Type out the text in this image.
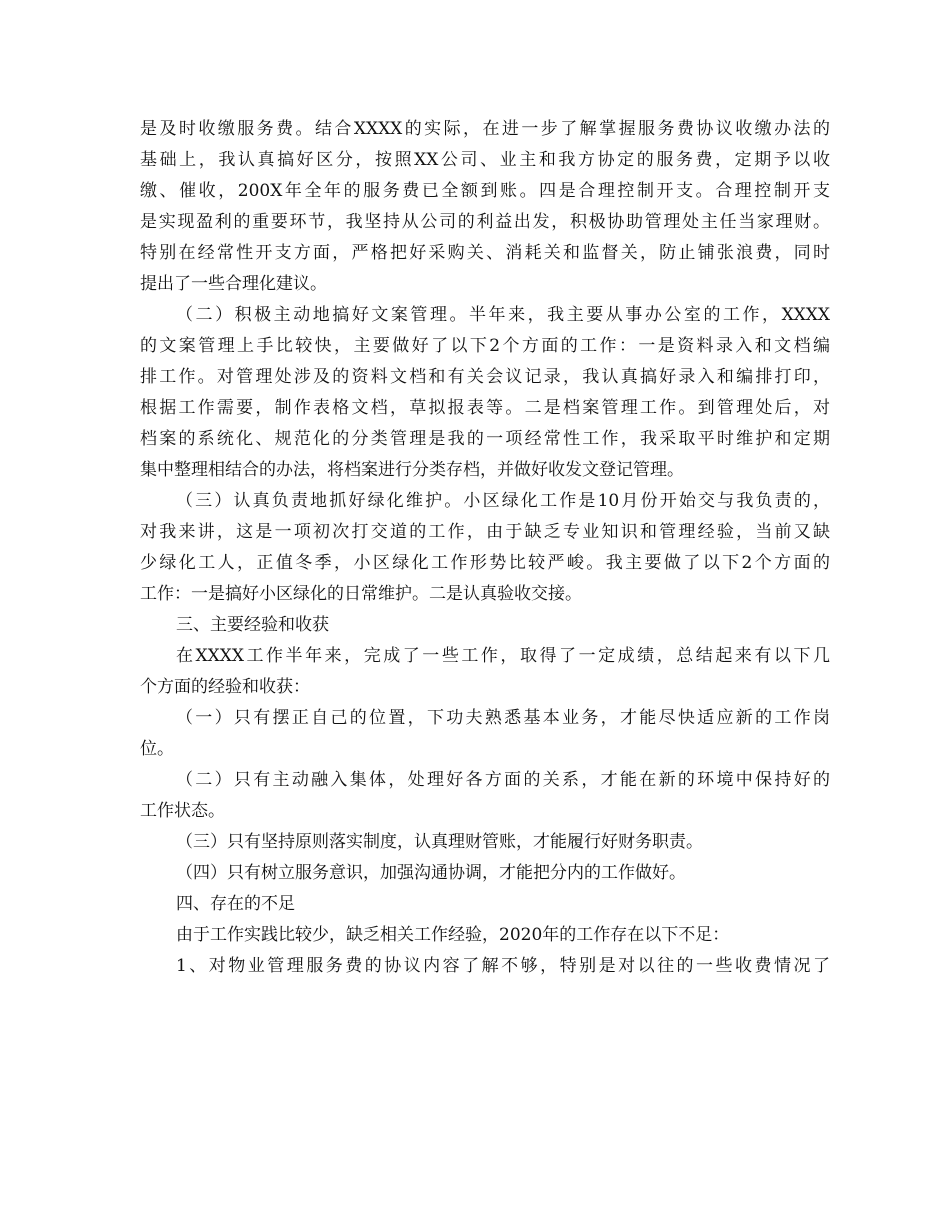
是及时收缴服务费。结合XXXX的实际，在进一步了解掌握服务费协议收缴办法的
基础上，我认真搞好区分，按照XX公司、业主和我方协定的服务费，定期予以收
缴、催收，200X年全年的服务费已全额到账。四是合理控制开支。合理控制开支
是实现盈利的重要环节，我坚持从公司的利益出发，积极协助管理处主任当家理财。
特别在经常性开支方面，严格把好采购关、消耗关和监督关，防止铺张浪费，同时
提出了一些合理化建议。
（二）积极主动地搞好文案管理。半年来，我主要从事办公室的工作，XXXX
的文案管理上手比较快，主要做好了以下2个方面的工作：一是资料录入和文档编
排工作。对管理处涉及的资料文档和有关会议记录，我认真搞好录入和编排打印，
根据工作需要，制作表格文档，草拟报表等。二是档案管理工作。到管理处后，对
档案的系统化、规范化的分类管理是我的一项经常性工作，我采取平时维护和定期
集中整理相结合的办法，将档案进行分类存档，并做好收发文登记管理。
（三）认真负责地抓好绿化维护。小区绿化工作是10月份开始交与我负责的，
对我来讲，这是一项初次打交道的工作，由于缺乏专业知识和管理经验，当前又缺
少绿化工人，正值冬季，小区绿化工作形势比较严峻。我主要做了以下2个方面的
工作：一是搞好小区绿化的日常维护。二是认真验收交接。
三、主要经验和收获
在XXXX工作半年来，完成了一些工作，取得了一定成绩，总结起来有以下几
个方面的经验和收获：
（一）只有摆正自己的位置，下功夫熟悉基本业务，才能尽快适应新的工作岗
位。
（二）只有主动融入集体，处理好各方面的关系，才能在新的环境中保持好的
工作状态。
（三）只有坚持原则落实制度，认真理财管账，才能履行好财务职责。
（四）只有树立服务意识，加强沟通协调，才能把分内的工作做好。
四、存在的不足
由于工作实践比较少，缺乏相关工作经验，2020年的工作存在以下不足：
1、对物业管理服务费的协议内容了解不够，特别是对以往的一些收费情况了
